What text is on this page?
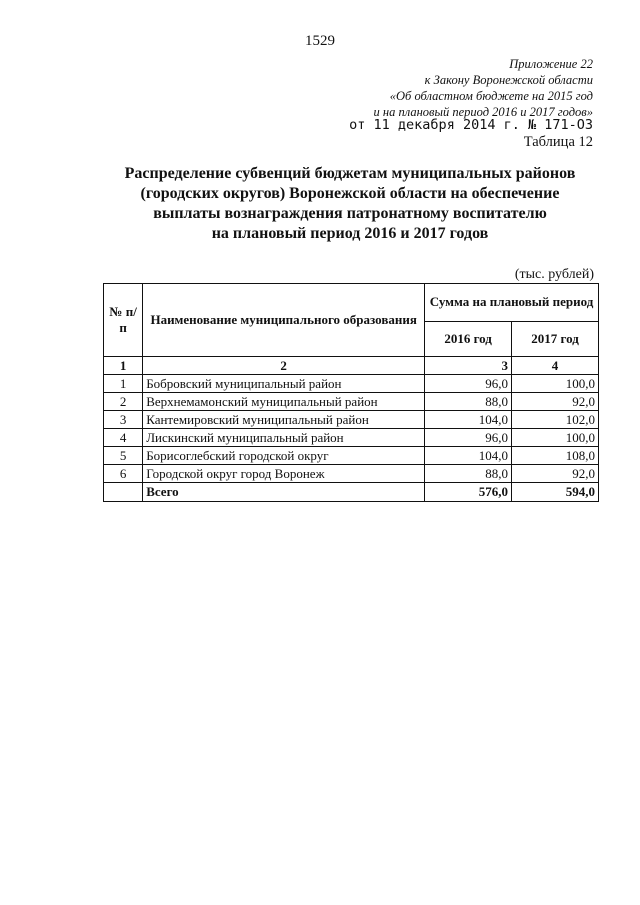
1529
Приложение 22
к Закону Воронежской области
«Об областном бюджете на 2015 год
и на плановый период 2016 и 2017 годов»
от 11 декабря 2014 г. № 171-ОЗ
Таблица 12
Распределение субвенций бюджетам муниципальных районов
(городских округов) Воронежской области на обеспечение
выплаты вознаграждения патронатному воспитателю
на плановый период 2016 и 2017 годов
(тыс. рублей)
№ п/п	Наименование муниципального образования	Сумма на плановый период	
		2016 год	2017 год
1	2	3	4
1	Бобровский муниципальный район	96,0	100,0
2	Верхнемамонский муниципальный район	88,0	92,0
3	Кантемировский муниципальный район	104,0	102,0
4	Лискинский муниципальный район	96,0	100,0
5	Борисоглебский городской округ	104,0	108,0
6	Городской округ город Воронеж	88,0	92,0
	Всего	576,0	594,0
